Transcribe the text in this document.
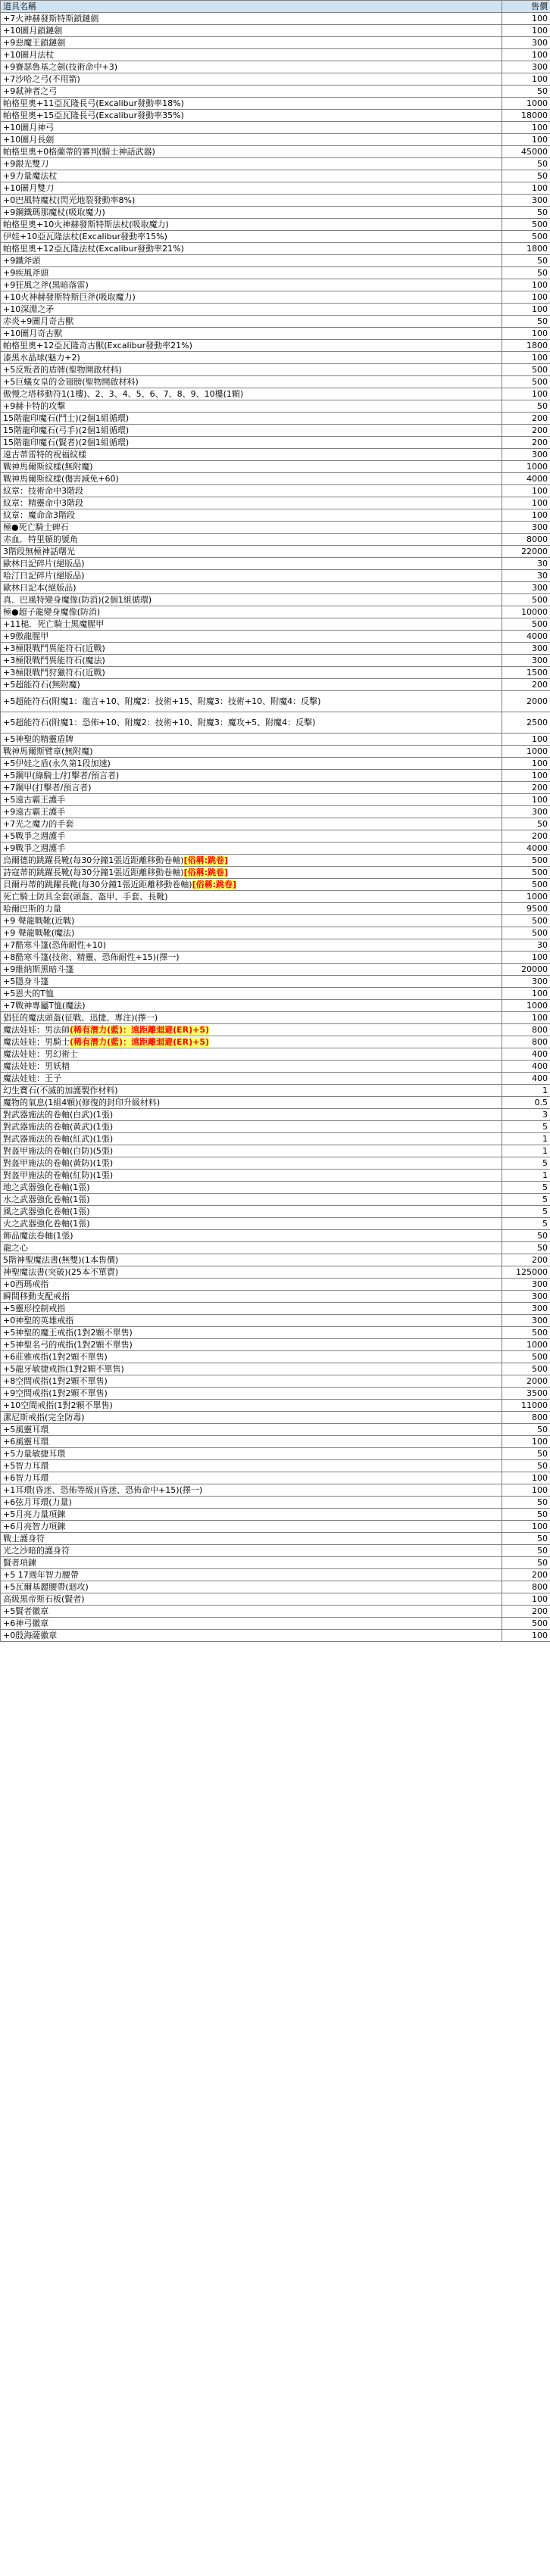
道具名稱	售價
+7火神赫發斯特斯鎖鏈劍	100
+10圖月鎖鏈劍	100
+9惡魔王鎖鏈劍	300
+10圖月法杖	100
+9賽瑟魯基之劍(技術命中+3)	300
+7沙哈之弓(不用箭)	100
+9弒神者之弓	50
帕格里奧+11亞瓦隆長弓(Excalibur發動率18%)	1000
帕格里奧+15亞瓦隆長弓(Excalibur發動率35%)	18000
+10圖月神弓	100
+10圖月長劍	100
帕格里奧+0格蘭蒂的審判(騎士神話武器)	45000
+9銀光雙刀	50
+9力量魔法杖	50
+10圖月雙刀	100
+0巴風特魔杖(閃光地裂發動率8%)	300
+9鋼鐵瑪那魔杖(吸取魔力)	50
帕格里奧+10火神赫發斯特斯法杖(吸取魔力)	500
伊娃+10亞瓦隆法杖(Excalibur發動率15%)	500
帕格里奧+12亞瓦隆法杖(Excalibur發動率21%)	1800
+9鐵斧頭	50
+9疾風斧頭	50
+9狂風之斧(黑暗落雷)	100
+10火神赫發斯特斯巨斧(吸取魔力)	100
+10深淵之矛	100
赤炎+9圖月奇古獸	50
+10圖月奇古獸	100
帕格里奧+12亞瓦隆奇古獸(Excalibur發動率21%)	1800
漆黑水晶球(魅力+2)	100
+5反叛者的盾牌(聖物開啟材料)	500
+5巨蟻女皇的金翅膀(聖物開啟材料)	500
傲慢之塔移動符1(1樓)、2、3、4、5、6、7、8、9、10樓(1顆)	100
+9赫卡特的攻擊	50
15階龍印魔石(鬥士)(2個1組循環)	200
15階龍印魔石(弓手)(2個1組循環)	200
15階龍印魔石(賢者)(2個1組循環)	200
遠古蒂雷特的祝福紋樣	300
戰神馬爾斯紋樣(無附魔)	1000
戰神馬爾斯紋樣(傷害減免+60)	4000
紋章：技術命中3階段	100
紋章：精靈命中3階段	100
紋章：魔命命3階段	100
極●死亡騎士碑石	300
赤血．特里頓的號角	8000
3階段無極神話曙光	22000
歐林日記碎片(絕版品)	30
哈汀日記碎片(絕版品)	30
歐林日記本(絕版品)	300
真．巴風特變身魔像(防消)(2個1組循環)	500
極●超子龍變身魔像(防消)	10000
+11槌．死亡騎士黑魔腥甲	500
+9傲龍腥甲	4000
+3極限戰鬥異能符石(近戰)	300
+3極限戰鬥異能符石(魔法)	300
+3極限戰鬥狩獵符石(近戰)	1500
+5超能符石(無附魔)	200
+5超能符石(附魔1：龍言+10、附魔2：技術+15、附魔3：技術+10、附魔4：反擊)	2000
+5超能符石(附魔1：恐佈+10、附魔2：技術+10、附魔3：魔攻+5、附魔4：反擊)	2500
+5神聖的精靈盾牌	100
戰神馬爾斯臂章(無附魔)	1000
+5伊娃之盾(永久第1段加速)	100
+5鋼甲(綠騎士/打擊者/預言者)	100
+7鋼甲(打擊者/預言者)	200
+5遠古霸王護手	100
+9遠古霸王護手	300
+7光之魔力的手套	50
+5戰爭之週護手	200
+9戰爭之週護手	4000
烏爾德的跳躍長靴(每30分鐘1張近距離移動卷軸)[俗稱:跳卷]	500
詩寇蒂的跳躍長靴(每30分鐘1張近距離移動卷軸)[俗稱:跳卷]	500
貝爾丹蒂的跳躍長靴(每30分鐘1張近距離移動卷軸)[俗稱:跳卷]	500
死亡騎士防具全套(頭盔、盔甲、手套、長靴)	1000
哈爾巴斯的力量	9500
+9 聲龍戰靴(近戰)	500
+9 聲龍戰靴(魔法)	500
+7酷寒斗篷(恐佈耐性+10)	30
+8酷寒斗篷(技術、精靈、恐佈耐性+15)(擇一)	100
+9維納斯黑暗斗篷	20000
+5隱身斗篷	300
+5恩夫的T恤	100
+7戰神專屬T恤(魔法)	1000
猖狂的魔法頭盔(征戰、迅捷、專注)(擇一)	100
魔法娃娃：男法師(稀有潛力(藍)：遠距離迴避(ER)+5)	800
魔法娃娃：男騎士(稀有潛力(藍)：遠距離迴避(ER)+5)	800
魔法娃娃：男幻術士	400
魔法娃娃：男妖精	400
魔法娃娃：王子	400
幻生寶石(不滅的加護製作材料)	1
魔物的氣息(1組4顆)(修復的封印升級材料)	0.5
對武器施法的卷軸(白武)(1張)	3
對武器施法的卷軸(黃武)(1張)	5
對武器施法的卷軸(紅武)(1張)	1
對盔甲施法的卷軸(白防)(5張)	1
對盔甲施法的卷軸(黃防)(1張)	5
對盔甲施法的卷軸(紅防)(1張)	1
地之武器強化卷軸(1張)	5
水之武器強化卷軸(1張)	5
風之武器強化卷軸(1張)	5
火之武器強化卷軸(1張)	5
飾品魔法卷軸(1張)	50
龍之心	50
5階神聖魔法書(無雙)(1本售價)	200
神聖魔法書(突破)(25本不單賣)	125000
+0西瑪戒指	300
瞬間移動支配戒指	300
+5靈形控制戒指	300
+0神聖的英雄戒指	300
+5神聖的魔王戒指(1對2顆不單售)	500
+5神聖名弓的戒指(1對2顆不單售)	1000
+6莊雅戒指(1對2顆不單售)	500
+5龍牙敏捷戒指(1對2顆不單售)	500
+8空間戒指(1對2顆不單售)	2000
+9空間戒指(1對2顆不單售)	3500
+10空間戒指(1對2顆不單售)	11000
潔尼斯戒指(完全防毒)	800
+5風靈耳環	50
+6風靈耳環	100
+5力量敏捷耳環	50
+5智力耳環	50
+6智力耳環	100
+1耳環(昏迷、恐佈等級)(昏迷、恐佈命中+15)(擇一)	100
+6弦月耳環(力量)	50
+5月亮力量項鍊	50
+6月亮智力項鍊	100
戰士護身符	50
光之沙暗的護身符	50
賢者項鍊	50
+5 17週年智力腰帶	200
+5瓦爾基麗腰帶(迴攻)	800
高級黑帝斯石板(賢者)	100
+5賢者徽章	200
+6神弓徽章	500
+0殷海薩徽章	100
